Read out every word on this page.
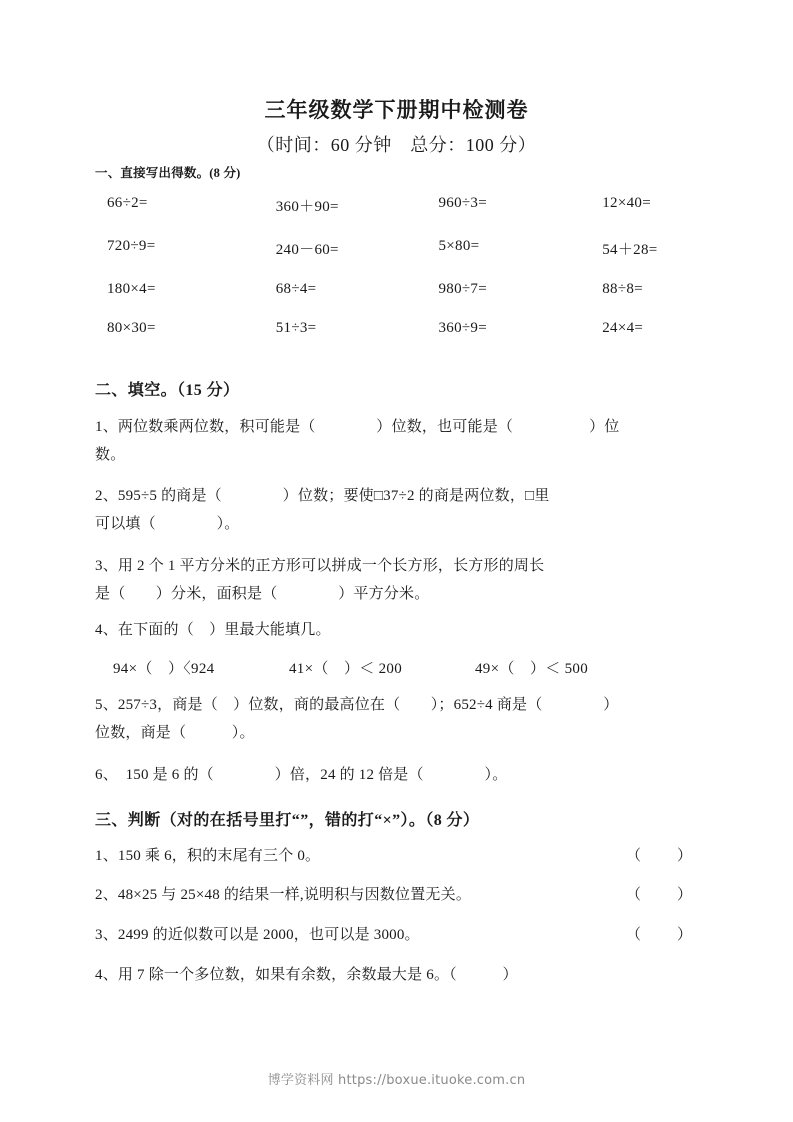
三年级数学下册期中检测卷

（时间：60 分钟　总分：100 分）

一、直接写出得数。(8 分)
66÷2=	360＋90=	960÷3=	12×40=
720÷9=	240－60=	5×80=	54＋28=
180×4=	68÷4=	980÷7=	88÷8=
80×30=	51÷3=	360÷9=	24×4=
二、填空。（15 分）
1、两位数乘两位数，积可能是（　　　　）位数，也可能是（　　　　　）位
数。
2、595÷5 的商是（　　　　）位数；要使□37÷2 的商是两位数，□里
可以填（　　　　）。
3、用 2 个 1 平方分米的正方形可以拼成一个长方形，长方形的周长
是（　　）分米，面积是（　　　　）平方分米。
4、在下面的（　）里最大能填几。
94×（　）〈924	41×（　）＜ 200	49×（　）＜ 500
5、257÷3，商是（　）位数，商的最高位在（　　）；652÷4 商是（　　　　）
位数，商是（　　　）。
6、　150 是 6 的（　　　　）倍，24 的 12 倍是（　　　　）。
三、判断（对的在括号里打“”，错的打“×”）。（8 分）
1、150 乘 6，积的末尾有三个 0。	（　　）
2、48×25 与 25×48 的结果一样,说明积与因数位置无关。	（　　）
3、2499 的近似数可以是 2000，也可以是 3000。	（　　）
4、用 7 除一个多位数，如果有余数，余数最大是 6。（　　　）
博学资料网 https://boxue.ituoke.com.cn
